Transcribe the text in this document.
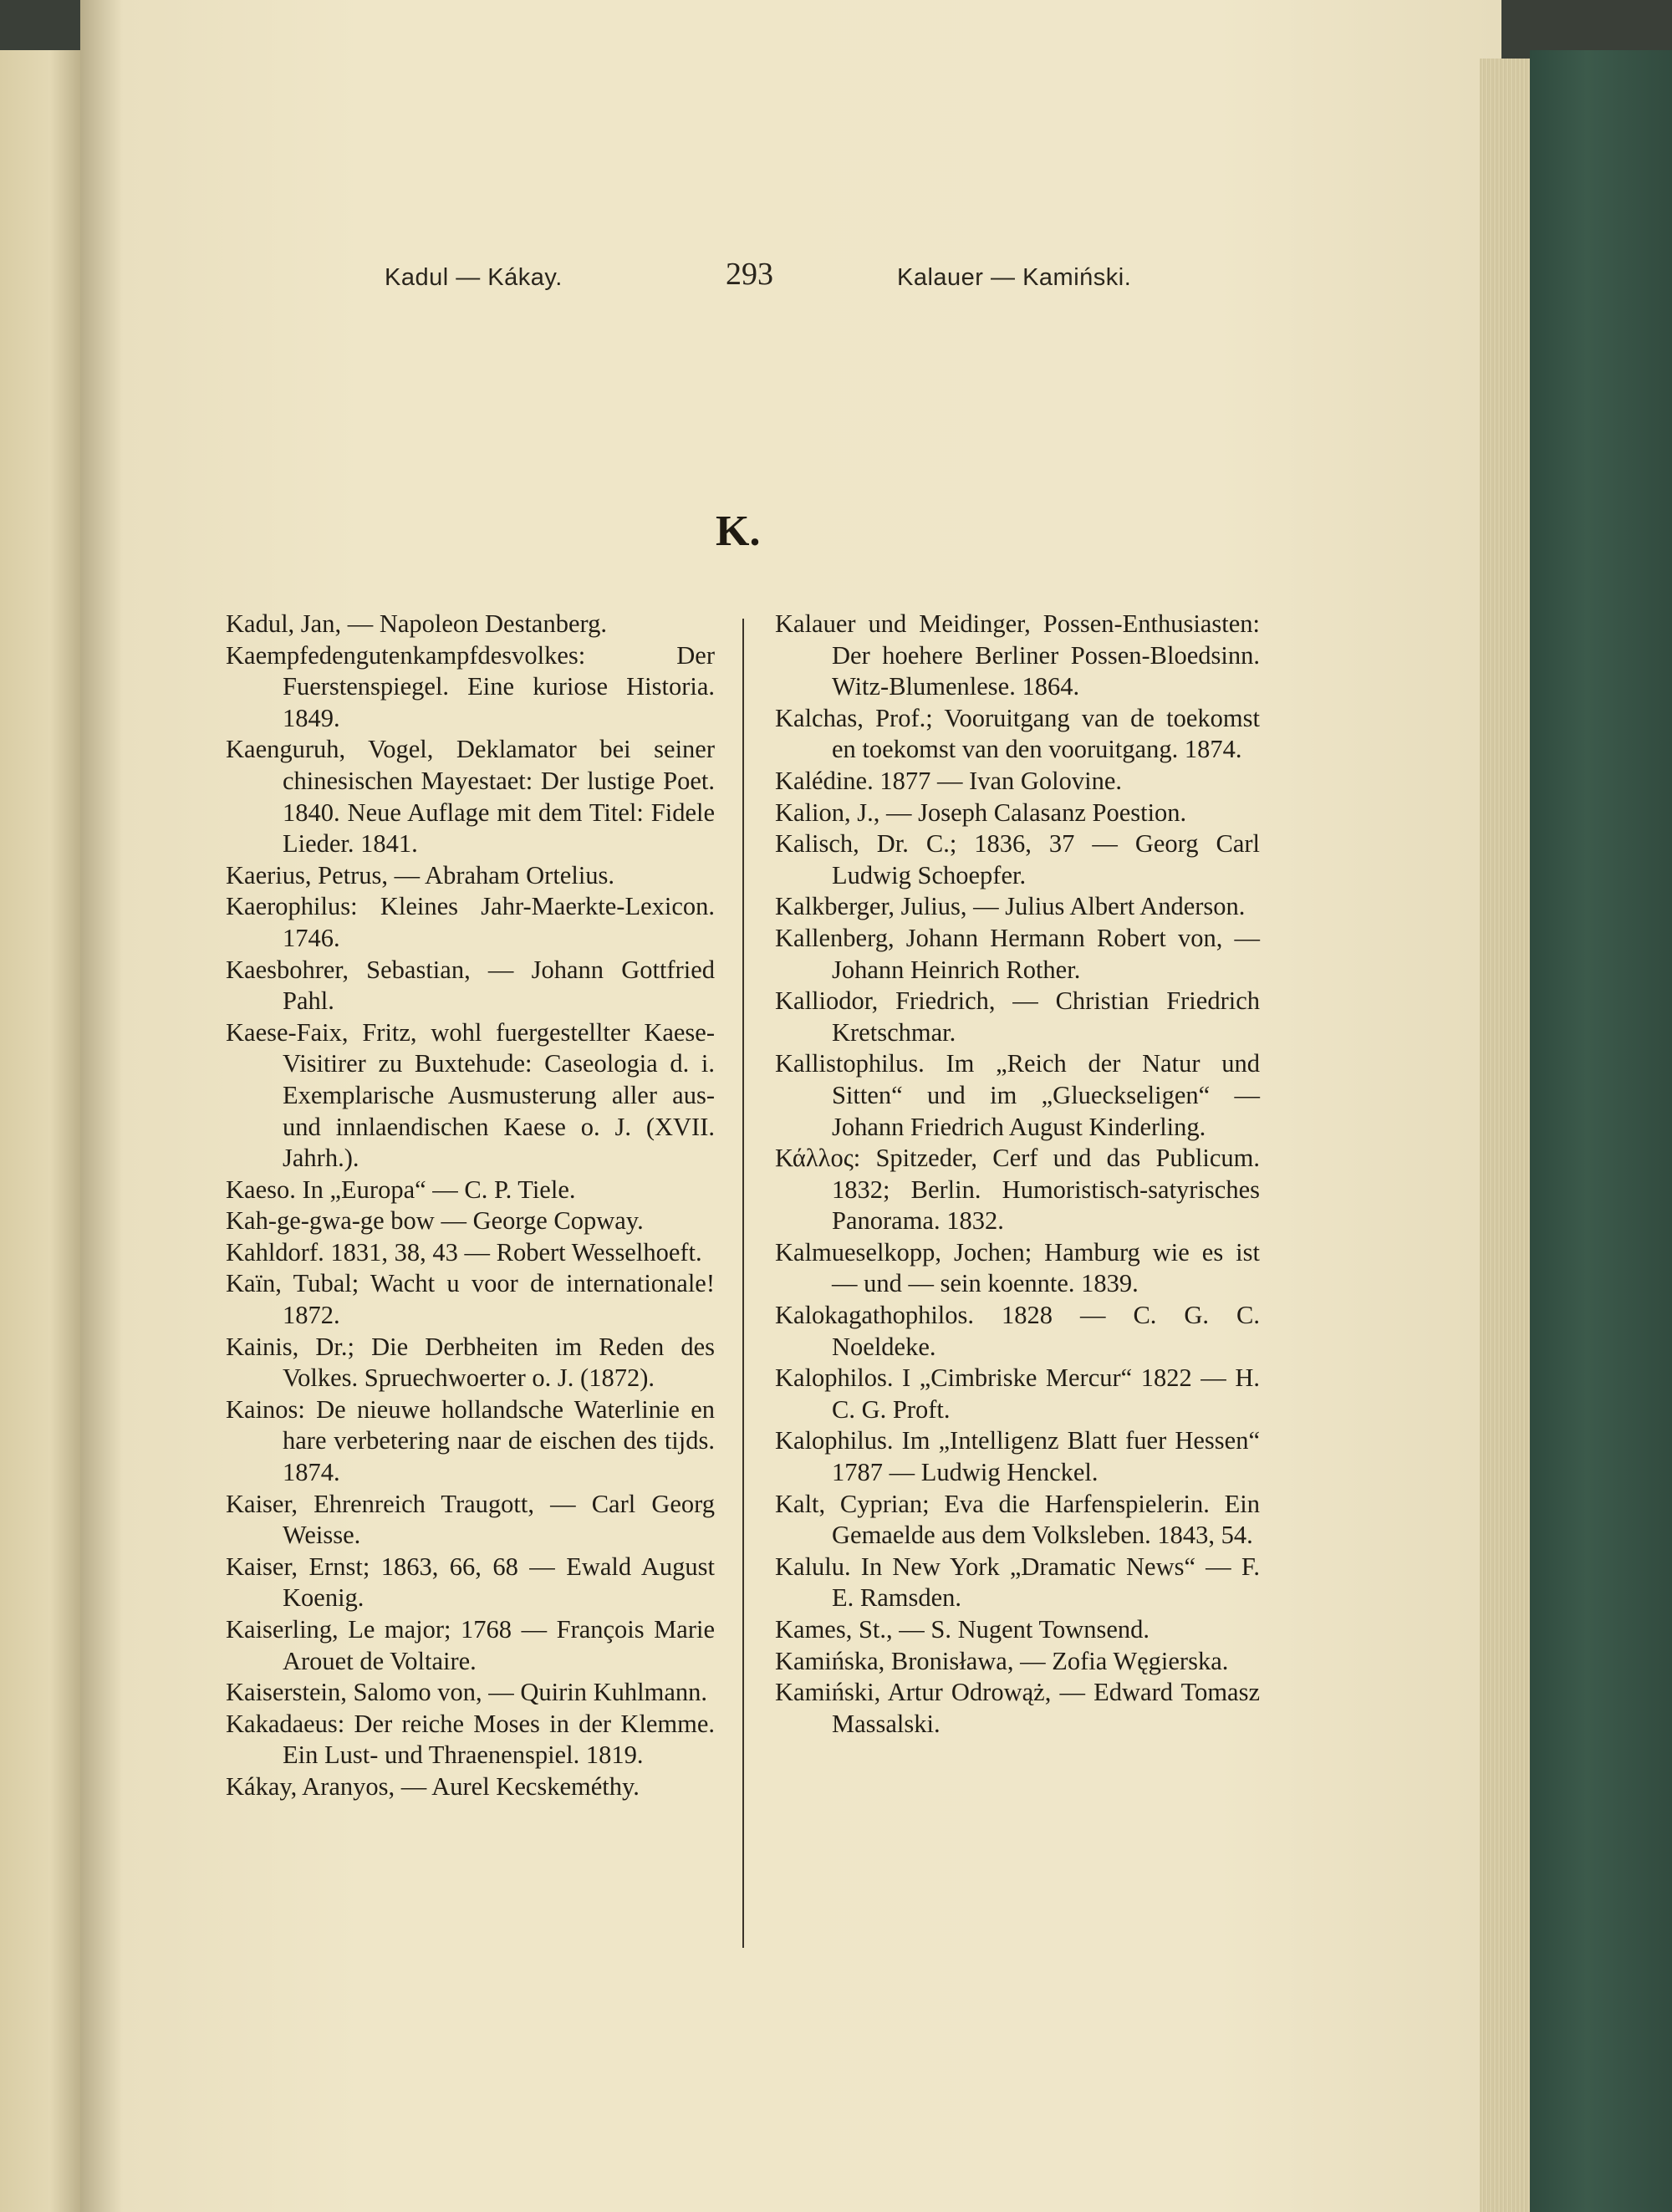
Kadul — Kákay.	293	Kalauer — Kamiński.
K.

Kadul, Jan, — Napoleon Destanberg.

Kaempfedengutenkampfdesvolkes: Der Fuerstenspiegel. Eine kuriose Historia. 1849.

Kaenguruh, Vogel, Deklamator bei seiner chinesischen Mayestaet: Der lustige Poet. 1840. Neue Auflage mit dem Titel: Fidele Lieder. 1841.

Kaerius, Petrus, — Abraham Ortelius.

Kaerophilus: Kleines Jahr-Maerkte-Lexicon. 1746.

Kaesbohrer, Sebastian, — Johann Gottfried Pahl.

Kaese-Faix, Fritz, wohl fuergestellter Kaese-Visitirer zu Buxtehude: Caseologia d. i. Exemplarische Ausmusterung aller aus- und innlaendischen Kaese o. J. (XVII. Jahrh.).

Kaeso. In „Europa“ — C. P. Tiele.

Kah-ge-gwa-ge bow — George Copway.

Kahldorf. 1831, 38, 43 — Robert Wesselhoeft.

Kaïn, Tubal; Wacht u voor de internationale! 1872.

Kainis, Dr.; Die Derbheiten im Reden des Volkes. Spruechwoerter o. J. (1872).

Kainos: De nieuwe hollandsche Waterlinie en hare verbetering naar de eischen des tijds. 1874.

Kaiser, Ehrenreich Traugott, — Carl Georg Weisse.

Kaiser, Ernst; 1863, 66, 68 — Ewald August Koenig.

Kaiserling, Le major; 1768 — François Marie Arouet de Voltaire.

Kaiserstein, Salomo von, — Quirin Kuhlmann.

Kakadaeus: Der reiche Moses in der Klemme. Ein Lust- und Thraenenspiel. 1819.

Kákay, Aranyos, — Aurel Kecskeméthy.

Kalauer und Meidinger, Possen-Enthusiasten: Der hoehere Berliner Possen-Bloedsinn. Witz-Blumenlese. 1864.

Kalchas, Prof.; Vooruitgang van de toekomst en toekomst van den vooruitgang. 1874.

Kalédine. 1877 — Ivan Golovine.

Kalion, J., — Joseph Calasanz Poestion.

Kalisch, Dr. C.; 1836, 37 — Georg Carl Ludwig Schoepfer.

Kalkberger, Julius, — Julius Albert Anderson.

Kallenberg, Johann Hermann Robert von, — Johann Heinrich Rother.

Kalliodor, Friedrich, — Christian Friedrich Kretschmar.

Kallistophilus. Im „Reich der Natur und Sitten“ und im „Glueckseligen“ — Johann Friedrich August Kinderling.

Κάλλος: Spitzeder, Cerf und das Publicum. 1832; Berlin. Humoristisch-satyrisches Panorama. 1832.

Kalmueselkopp, Jochen; Hamburg wie es ist — und — sein koennte. 1839.

Kalokagathophilos. 1828 — C. G. C. Noeldeke.

Kalophilos. I „Cimbriske Mercur“ 1822 — H. C. G. Proft.

Kalophilus. Im „Intelligenz Blatt fuer Hessen“ 1787 — Ludwig Henckel.

Kalt, Cyprian; Eva die Harfenspielerin. Ein Gemaelde aus dem Volksleben. 1843, 54.

Kalulu. In New York „Dramatic News“ — F. E. Ramsden.

Kames, St., — S. Nugent Townsend.

Kamińska, Bronisława, — Zofia Węgierska.

Kamiński, Artur Odrowąż, — Edward Tomasz Massalski.
